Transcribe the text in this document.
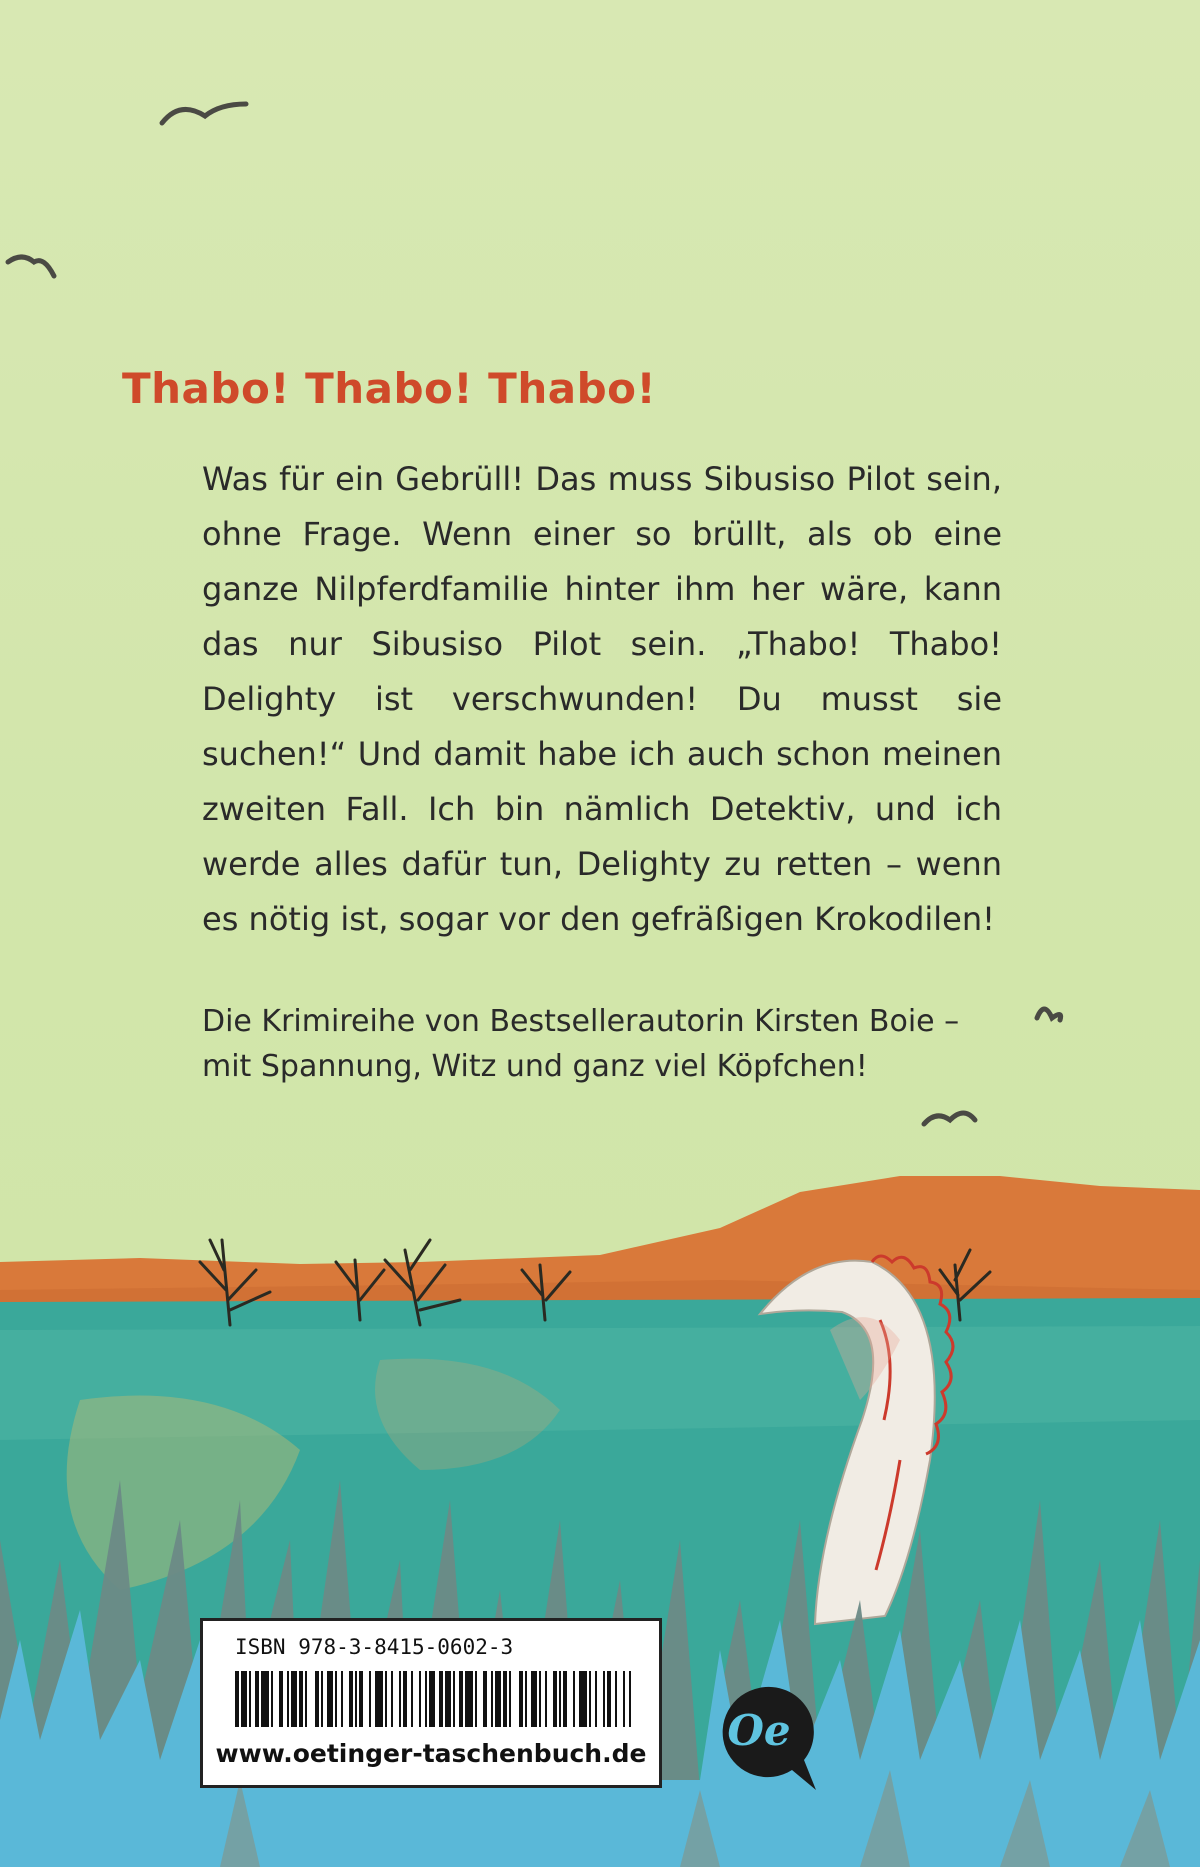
Thabo! Thabo! Thabo!

Was für ein Gebrüll! Das muss Sibusiso Pilot sein, ohne Frage. Wenn einer so brüllt, als ob eine ganze Nilpferdfamilie hinter ihm her wäre, kann das nur Sibusiso Pilot sein. „Thabo! Thabo! Delighty ist verschwunden! Du musst sie suchen!“ Und damit habe ich auch schon meinen zweiten Fall. Ich bin nämlich Detektiv, und ich werde alles dafür tun, Delighty zu retten – wenn es nötig ist, sogar vor den gefräßigen Krokodilen!

Die Krimireihe von Bestsellerautorin Kirsten Boie –
mit Spannung, Witz und ganz viel Köpfchen!

ISBN 978-3-8415-0602-3
www.oetinger-taschenbuch.de	Oe
